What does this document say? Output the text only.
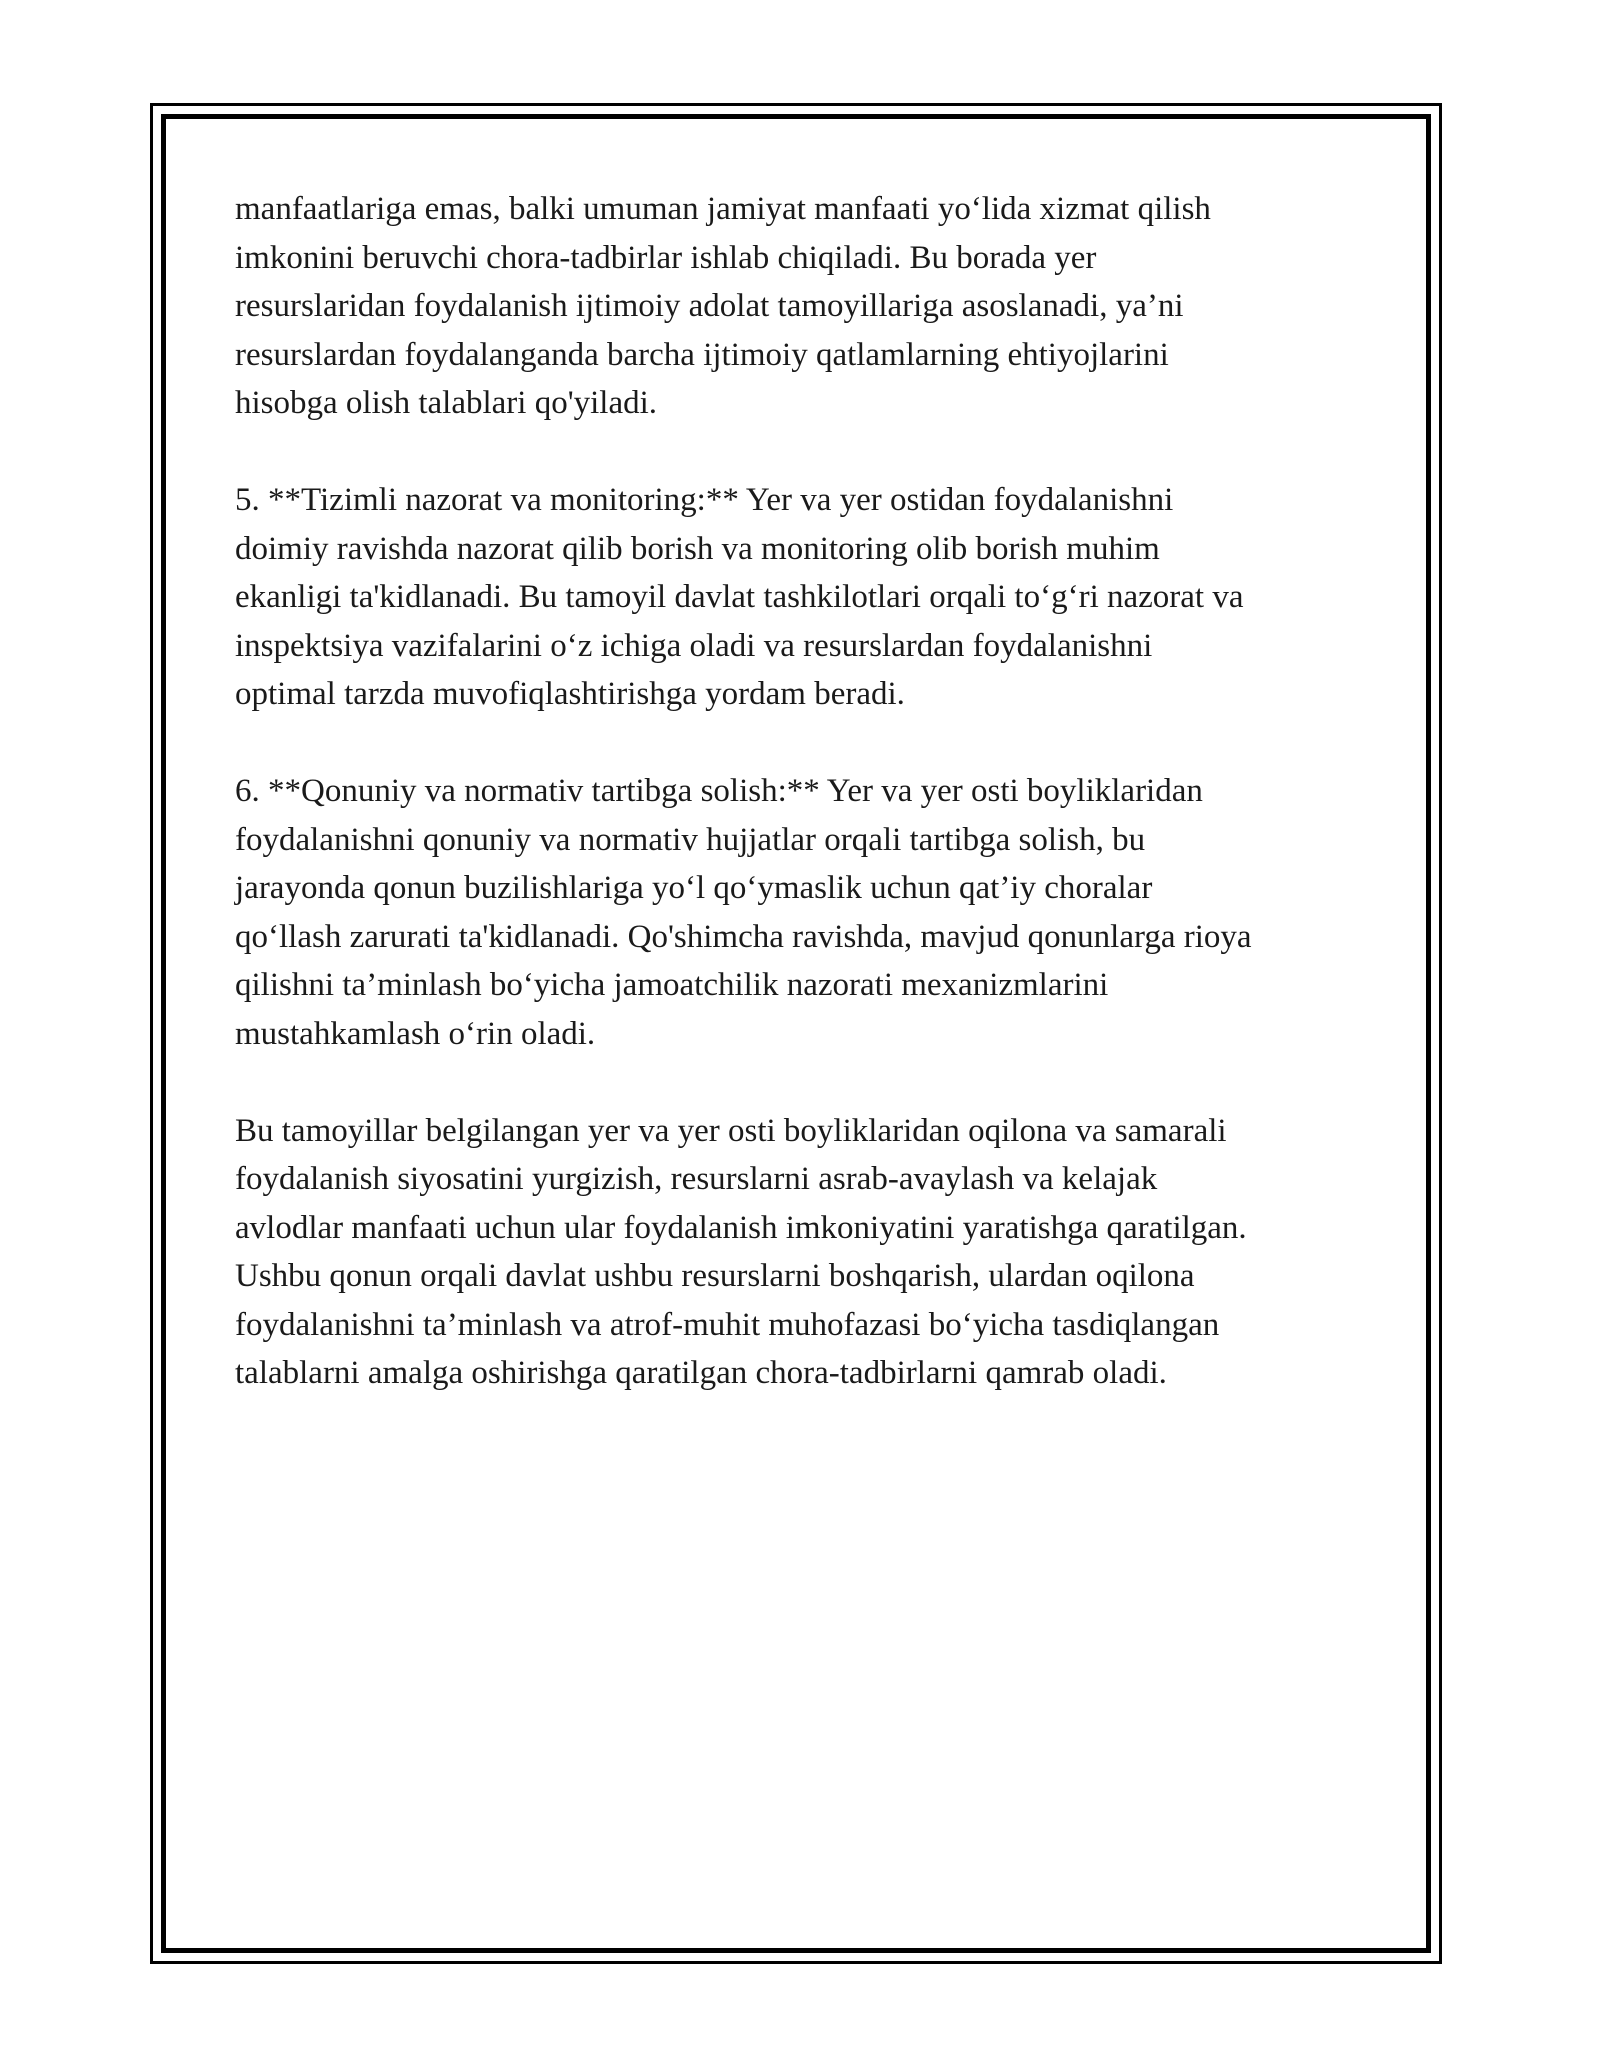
manfaatlariga emas, balki umuman jamiyat manfaati yo‘lida xizmat qilish
imkonini beruvchi chora-tadbirlar ishlab chiqiladi. Bu borada yer
resurslaridan foydalanish ijtimoiy adolat tamoyillariga asoslanadi, ya’ni
resurslardan foydalanganda barcha ijtimoiy qatlamlarning ehtiyojlarini
hisobga olish talablari qo'yiladi.

5. **Tizimli nazorat va monitoring:** Yer va yer ostidan foydalanishni
doimiy ravishda nazorat qilib borish va monitoring olib borish muhim
ekanligi ta'kidlanadi. Bu tamoyil davlat tashkilotlari orqali to‘g‘ri nazorat va
inspektsiya vazifalarini o‘z ichiga oladi va resurslardan foydalanishni
optimal tarzda muvofiqlashtirishga yordam beradi.

6. **Qonuniy va normativ tartibga solish:** Yer va yer osti boyliklaridan
foydalanishni qonuniy va normativ hujjatlar orqali tartibga solish, bu
jarayonda qonun buzilishlariga yo‘l qo‘ymaslik uchun qat’iy choralar
qo‘llash zarurati ta'kidlanadi. Qo'shimcha ravishda, mavjud qonunlarga rioya
qilishni ta’minlash bo‘yicha jamoatchilik nazorati mexanizmlarini
mustahkamlash o‘rin oladi.

Bu tamoyillar belgilangan yer va yer osti boyliklaridan oqilona va samarali
foydalanish siyosatini yurgizish, resurslarni asrab-avaylash va kelajak
avlodlar manfaati uchun ular foydalanish imkoniyatini yaratishga qaratilgan.
Ushbu qonun orqali davlat ushbu resurslarni boshqarish, ulardan oqilona
foydalanishni ta’minlash va atrof-muhit muhofazasi bo‘yicha tasdiqlangan
talablarni amalga oshirishga qaratilgan chora-tadbirlarni qamrab oladi.
